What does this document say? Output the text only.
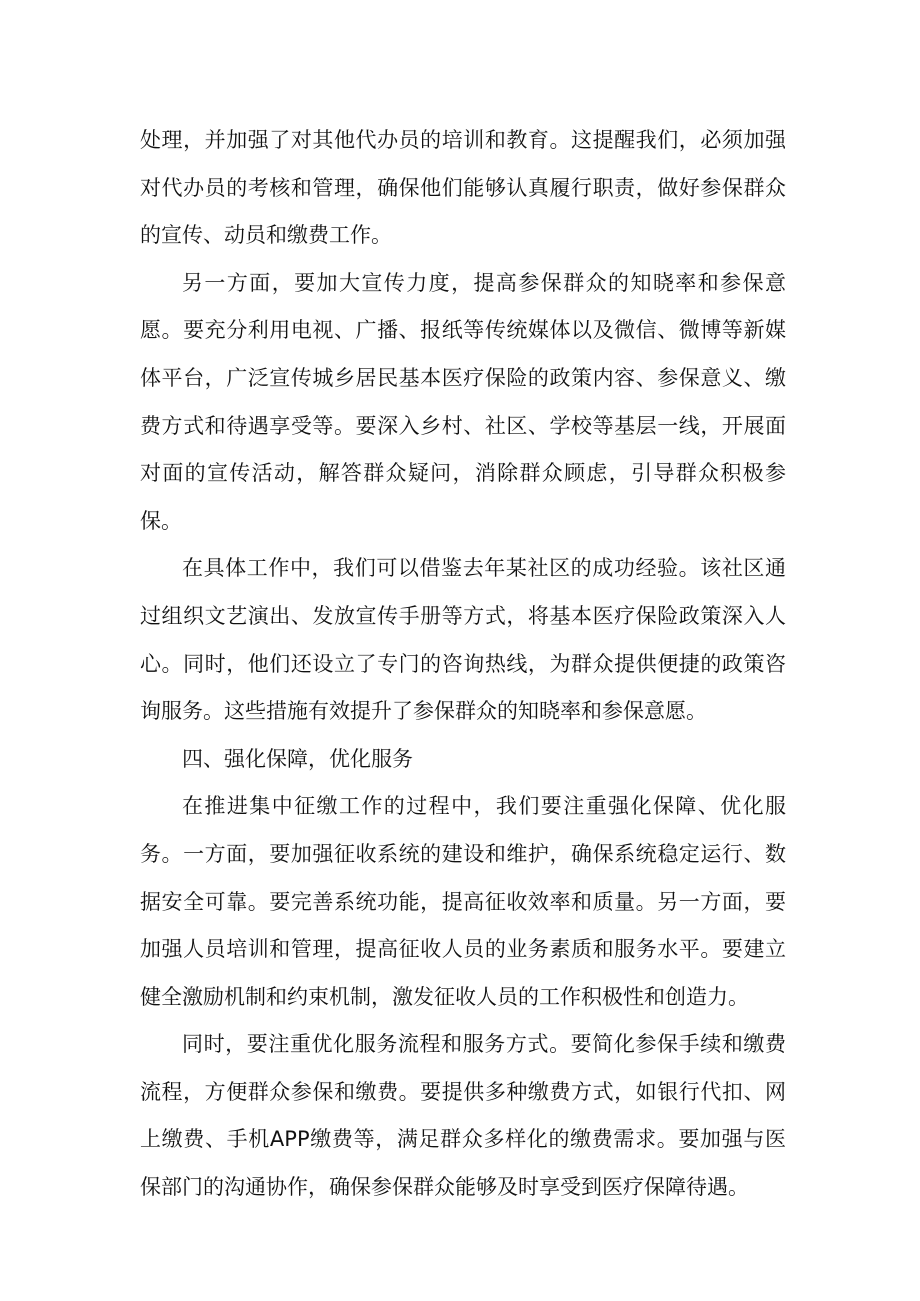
处理，并加强了对其他代办员的培训和教育。这提醒我们，必须加强对代办员的考核和管理，确保他们能够认真履行职责，做好参保群众的宣传、动员和缴费工作。

另一方面，要加大宣传力度，提高参保群众的知晓率和参保意愿。要充分利用电视、广播、报纸等传统媒体以及微信、微博等新媒体平台，广泛宣传城乡居民基本医疗保险的政策内容、参保意义、缴费方式和待遇享受等。要深入乡村、社区、学校等基层一线，开展面对面的宣传活动，解答群众疑问，消除群众顾虑，引导群众积极参保。

在具体工作中，我们可以借鉴去年某社区的成功经验。该社区通过组织文艺演出、发放宣传手册等方式，将基本医疗保险政策深入人心。同时，他们还设立了专门的咨询热线，为群众提供便捷的政策咨询服务。这些措施有效提升了参保群众的知晓率和参保意愿。

四、强化保障，优化服务

在推进集中征缴工作的过程中，我们要注重强化保障、优化服务。一方面，要加强征收系统的建设和维护，确保系统稳定运行、数据安全可靠。要完善系统功能，提高征收效率和质量。另一方面，要加强人员培训和管理，提高征收人员的业务素质和服务水平。要建立健全激励机制和约束机制，激发征收人员的工作积极性和创造力。

同时，要注重优化服务流程和服务方式。要简化参保手续和缴费流程，方便群众参保和缴费。要提供多种缴费方式，如银行代扣、网上缴费、手机APP缴费等，满足群众多样化的缴费需求。要加强与医保部门的沟通协作，确保参保群众能够及时享受到医疗保障待遇。
